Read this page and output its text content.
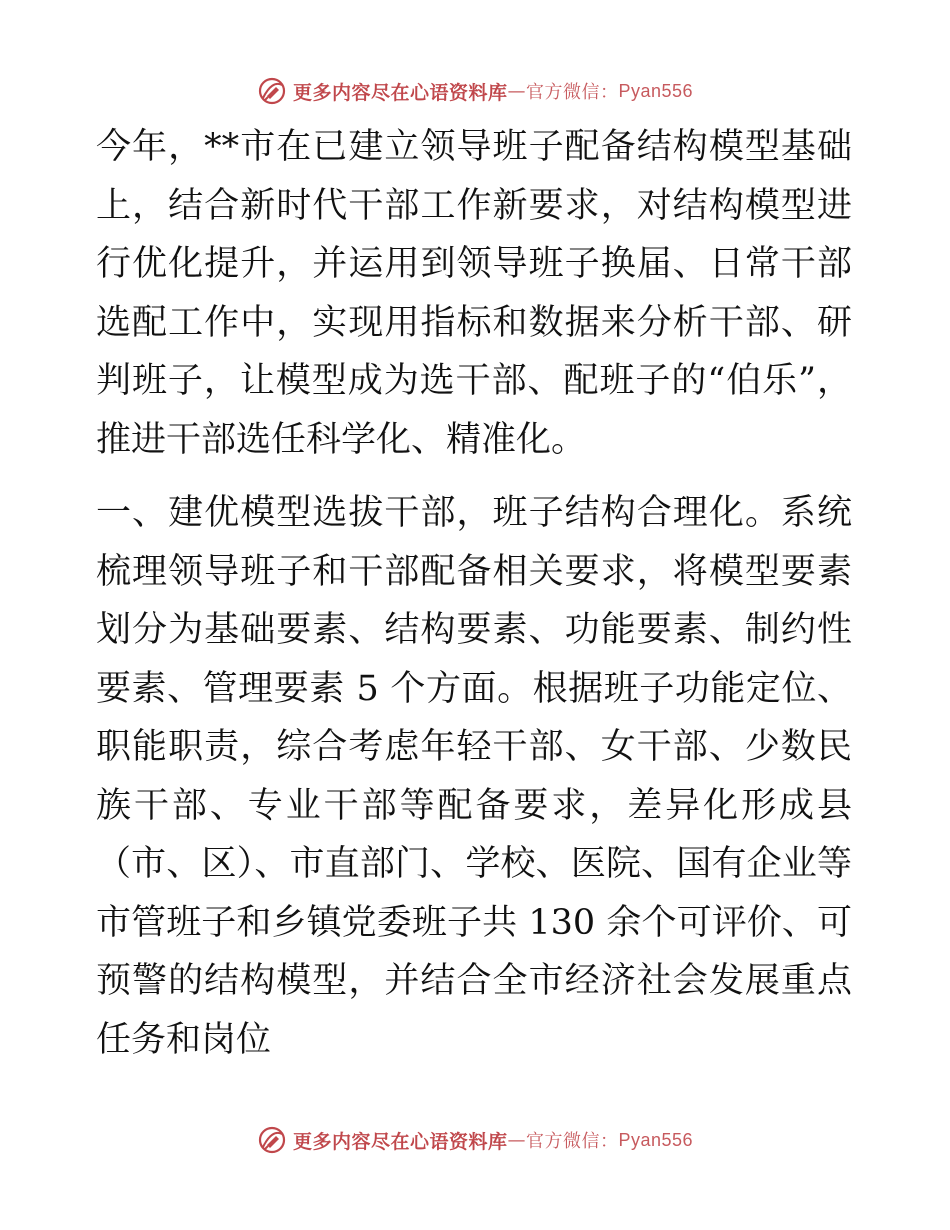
更多内容尽在心语资料库 — 官方微信： Pyan556

今年，**市在已建立领导班子配备结构模型基础上，结合新时代干部工作新要求，对结构模型进行优化提升，并运用到领导班子换届、日常干部选配工作中，实现用指标和数据来分析干部、研判班子，让模型成为选干部、配班子的“伯乐”，推进干部选任科学化、精准化。

一、建优模型选拔干部，班子结构合理化。系统梳理领导班子和干部配备相关要求，将模型要素划分为基础要素、结构要素、功能要素、制约性要素、管理要素 5 个方面。根据班子功能定位、职能职责，综合考虑年轻干部、女干部、少数民族干部、专业干部等配备要求，差异化形成县（市、区）、市直部门、学校、医院、国有企业等市管班子和乡镇党委班子共 130 余个可评价、可预警的结构模型，并结合全市经济社会发展重点任务和岗位

更多内容尽在心语资料库 — 官方微信： Pyan556
